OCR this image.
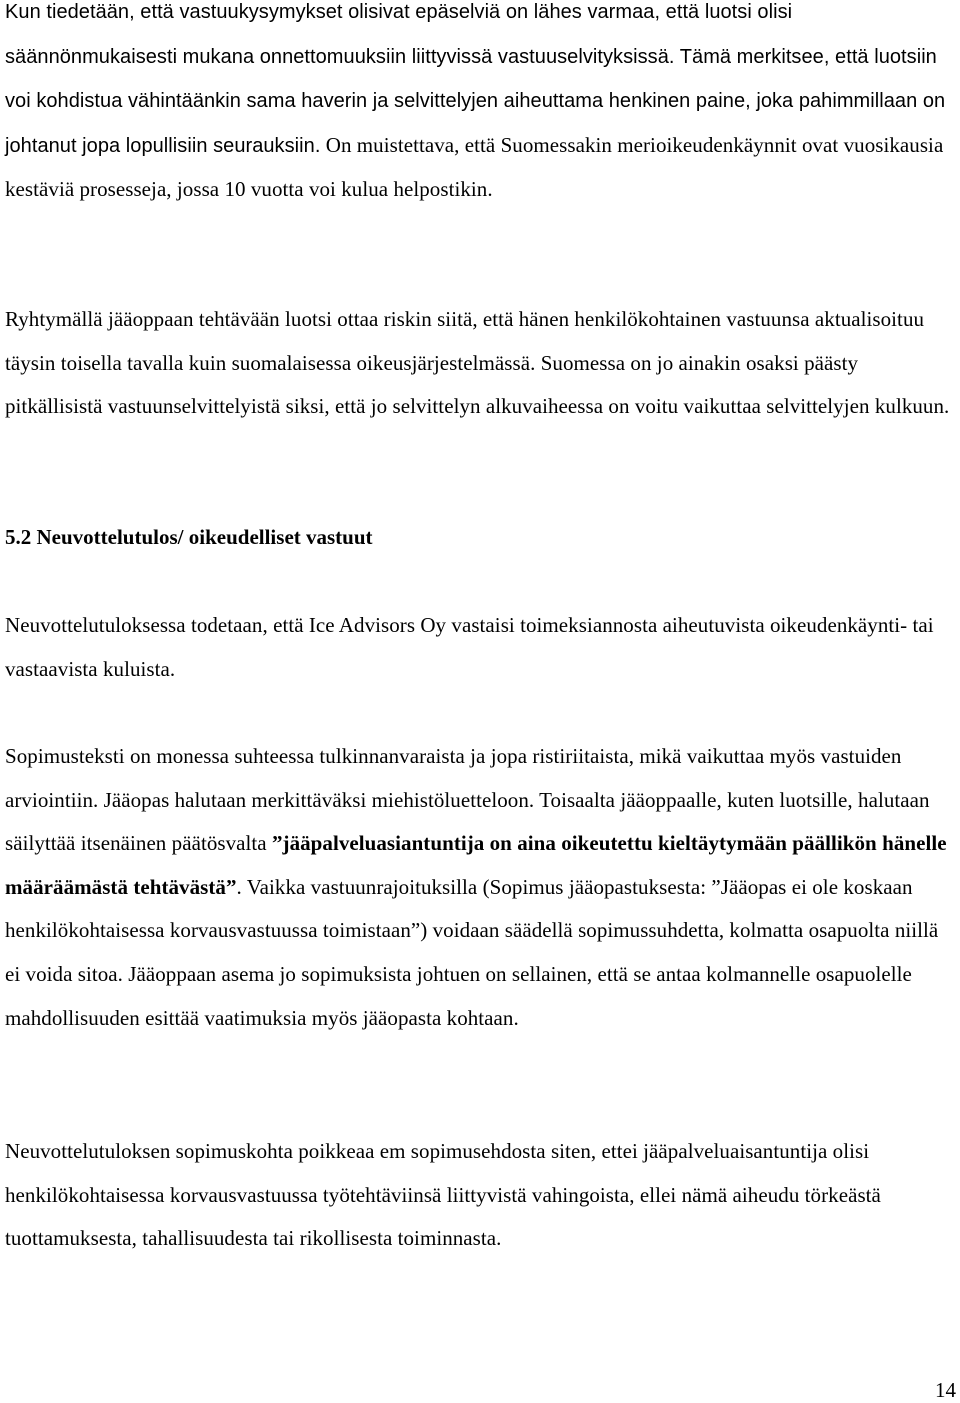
Kun tiedetään, että vastuukysymykset olisivat epäselviä on lähes varmaa, että luotsi olisi säännönmukaisesti mukana onnettomuuksiin liittyvissä vastuuselvityksissä. Tämä merkitsee, että luotsiin voi kohdistua vähintäänkin sama haverin ja selvittelyjen aiheuttama henkinen paine, joka pahimmillaan on johtanut jopa lopullisiin seurauksiin. On muistettava, että Suomessakin merioikeudenkäynnit ovat vuosikausia kestäviä prosesseja, jossa 10 vuotta voi kulua helpostikin.

Ryhtymällä jääoppaan tehtävään luotsi ottaa riskin siitä, että hänen henkilökohtainen vastuunsa aktualisoituu täysin toisella tavalla kuin suomalaisessa oikeusjärjestelmässä. Suomessa on jo ainakin osaksi päästy pitkällisistä vastuunselvittelyistä siksi, että jo selvittelyn alkuvaiheessa on voitu vaikuttaa selvittelyjen kulkuun.

5.2 Neuvottelutulos/ oikeudelliset vastuut

Neuvottelutuloksessa todetaan, että Ice Advisors Oy vastaisi toimeksiannosta aiheutuvista oikeudenkäynti- tai vastaavista kuluista.

Sopimusteksti on monessa suhteessa tulkinnanvaraista ja jopa ristiriitaista, mikä vaikuttaa myös vastuiden arviointiin. Jääopas halutaan merkittäväksi miehistöluetteloon. Toisaalta jääoppaalle, kuten luotsille, halutaan säilyttää itsenäinen päätösvalta ”jääpalveluasiantuntija on aina oikeutettu kieltäytymään päällikön hänelle määräämästä tehtävästä”. Vaikka vastuunrajoituksilla (Sopimus jääopastuksesta: ”Jääopas ei ole koskaan henkilökohtaisessa korvausvastuussa toimistaan”) voidaan säädellä sopimussuhdetta, kolmatta osapuolta niillä ei voida sitoa. Jääoppaan asema jo sopimuksista johtuen on sellainen, että se antaa kolmannelle osapuolelle mahdollisuuden esittää vaatimuksia myös jääopasta kohtaan.

Neuvottelutuloksen sopimuskohta poikkeaa em sopimusehdosta siten, ettei jääpalveluaisantuntija olisi henkilökohtaisessa korvausvastuussa työtehtäviinsä liittyvistä vahingoista, ellei nämä aiheudu törkeästä tuottamuksesta, tahallisuudesta tai rikollisesta toiminnasta.

14
